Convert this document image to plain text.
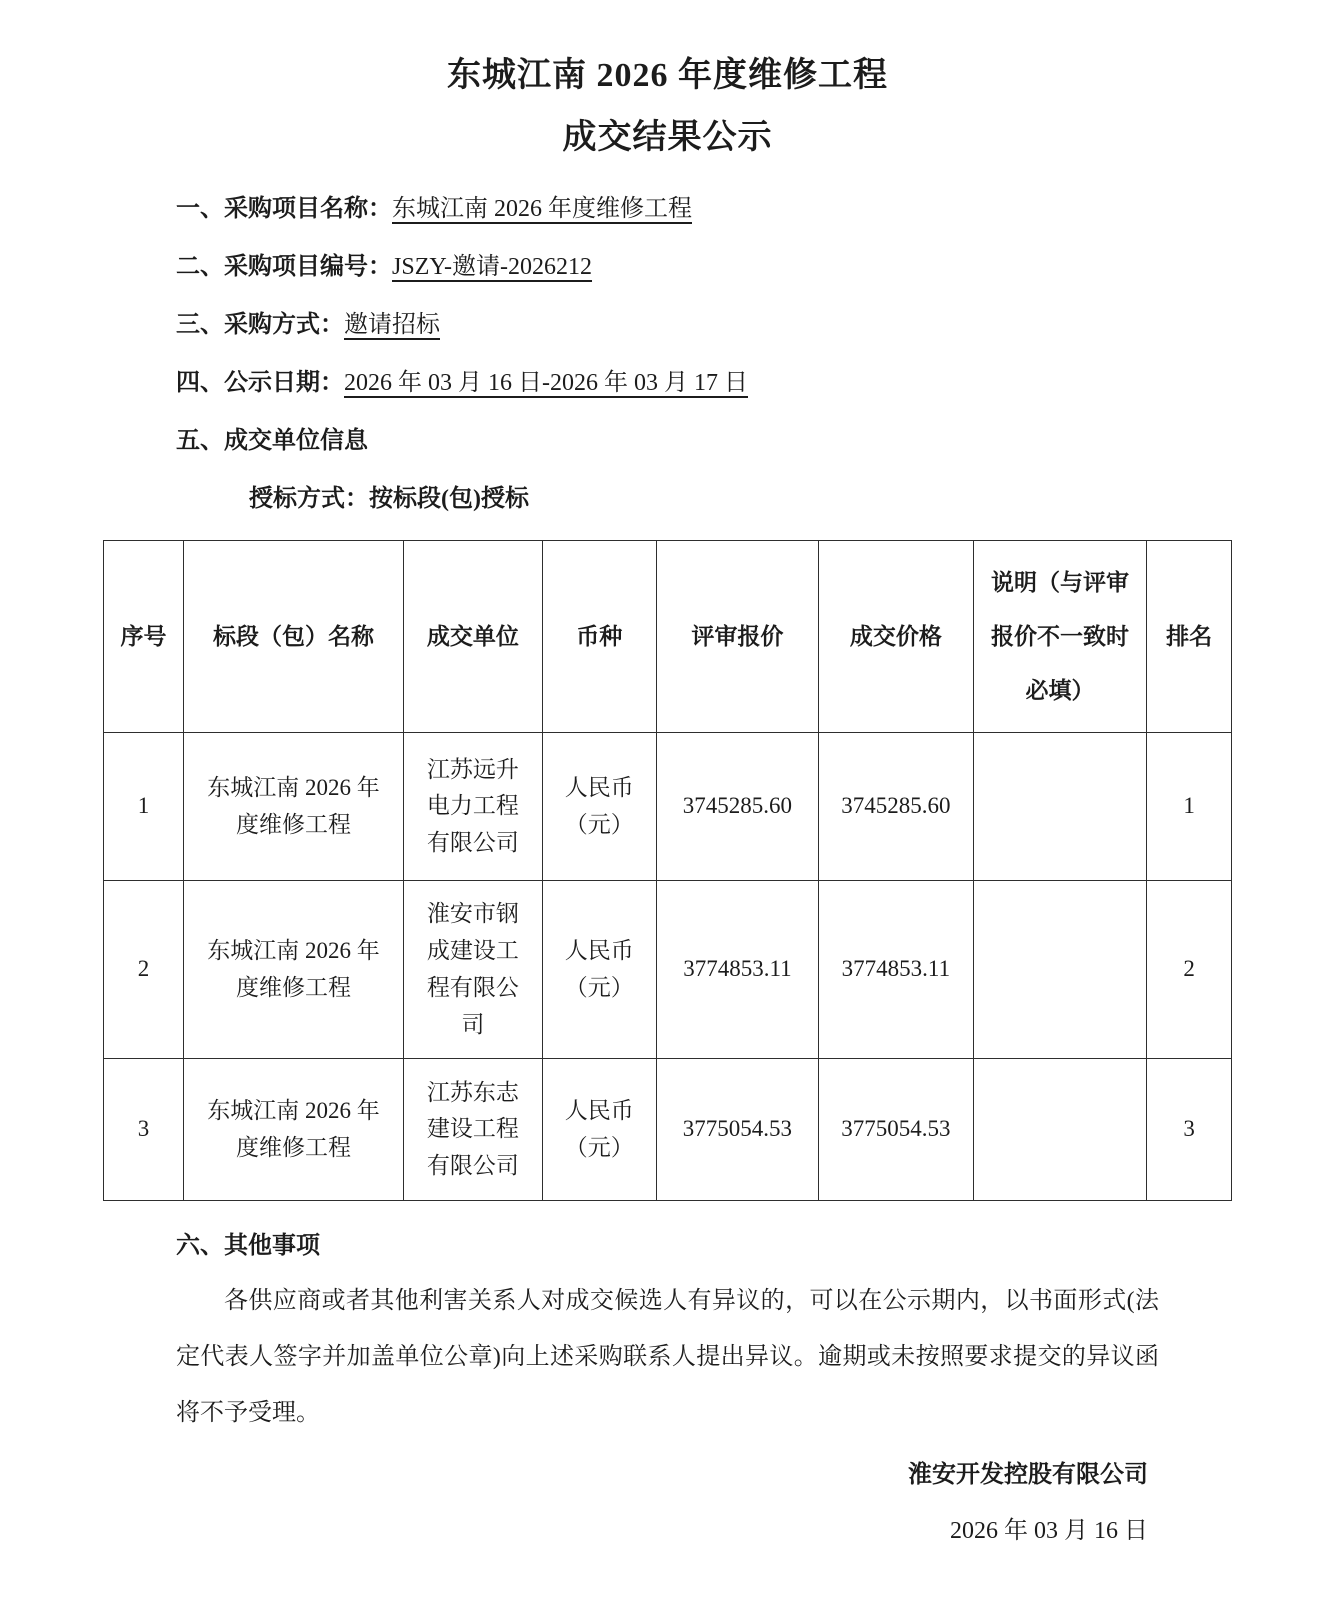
东城江南 2026 年度维修工程
成交结果公示
一、采购项目名称：东城江南 2026 年度维修工程
二、采购项目编号：JSZY-邀请-2026212
三、采购方式：邀请招标
四、公示日期：2026 年 03 月 16 日-2026 年 03 月 17 日
五、成交单位信息
授标方式：按标段(包)授标
序号	标段（包）名称	成交单位	币种	评审报价	成交价格	说明（与评审报价不一致时必填）	排名
1	东城江南 2026 年度维修工程	江苏远升电力工程有限公司	人民币（元）	3745285.60	3745285.60		1
2	东城江南 2026 年度维修工程	淮安市钢成建设工程有限公司	人民币（元）	3774853.11	3774853.11		2
3	东城江南 2026 年度维修工程	江苏东志建设工程有限公司	人民币（元）	3775054.53	3775054.53		3
六、其他事项
各供应商或者其他利害关系人对成交候选人有异议的，可以在公示期内，以书面形式(法定代表人签字并加盖单位公章)向上述采购联系人提出异议。逾期或未按照要求提交的异议函将不予受理。
淮安开发控股有限公司
2026 年 03 月 16 日
